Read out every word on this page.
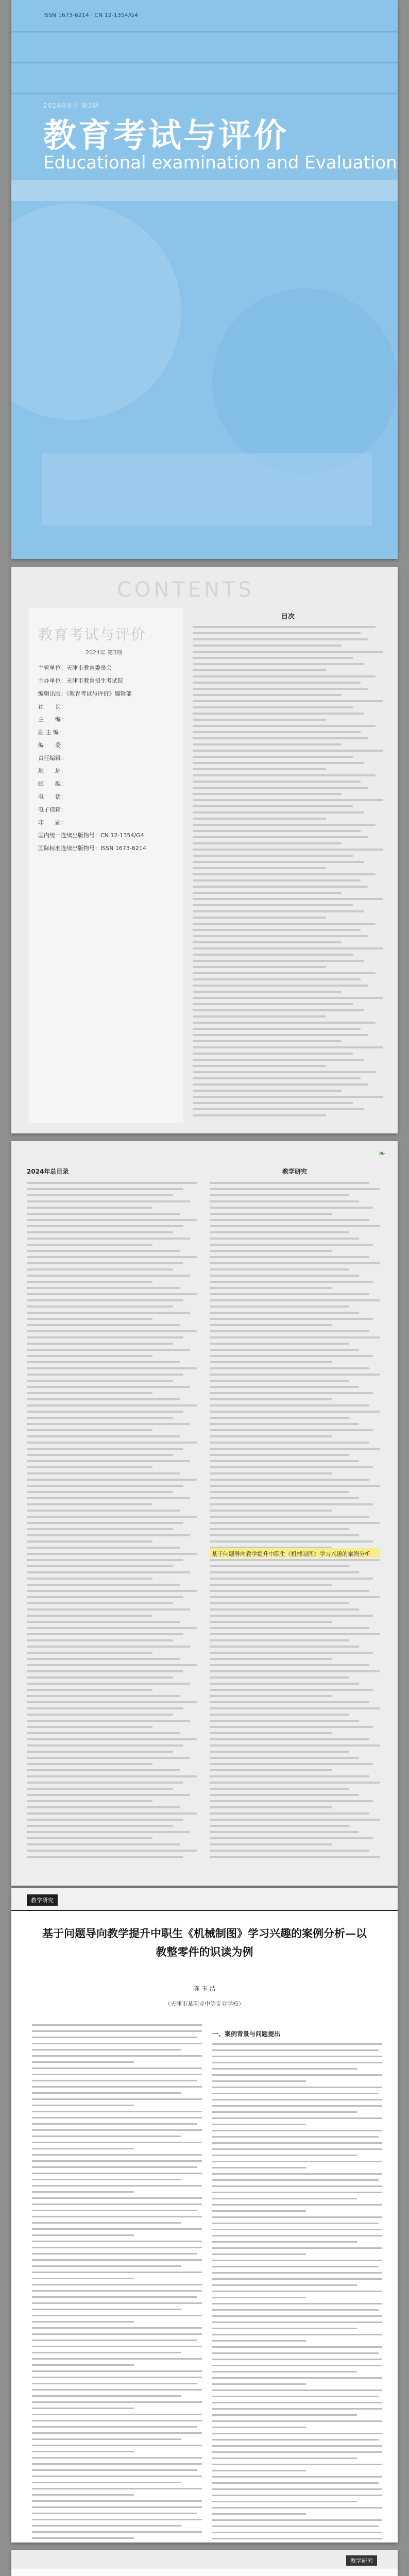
ISSN 1673-6214 · CN 12-1354/G4
2024年6月 第3期
教育考试与评价
Educational examination and Evaluation
CONTENTS
教育考试与评价
2024年 第3期
主管单位：天津市教育委员会
主办单位：天津市教育招生考试院
编辑出版：《教育考试与评价》编辑部
社　　长：
主　　编：
副 主 编：
编　　委：
责任编辑：
地　　址：
邮　　编：
电　　话：
电子信箱：
印　　刷：
国内统一连续出版物号：CN 12-1354/G4
国际标准连续出版物号：ISSN 1673-6214
目次
❧
2024年总目录	教学研究
基于问题导向教学提升中职生《机械制图》学习兴趣的案例分析
教学研究
基于问题导向教学提升中职生《机械制图》学习兴趣的案例分析—以教整零件的识读为例
陈 玉 洁
（天津市某职业中等专业学校）
一、案例背景与问题提出
教学研究
